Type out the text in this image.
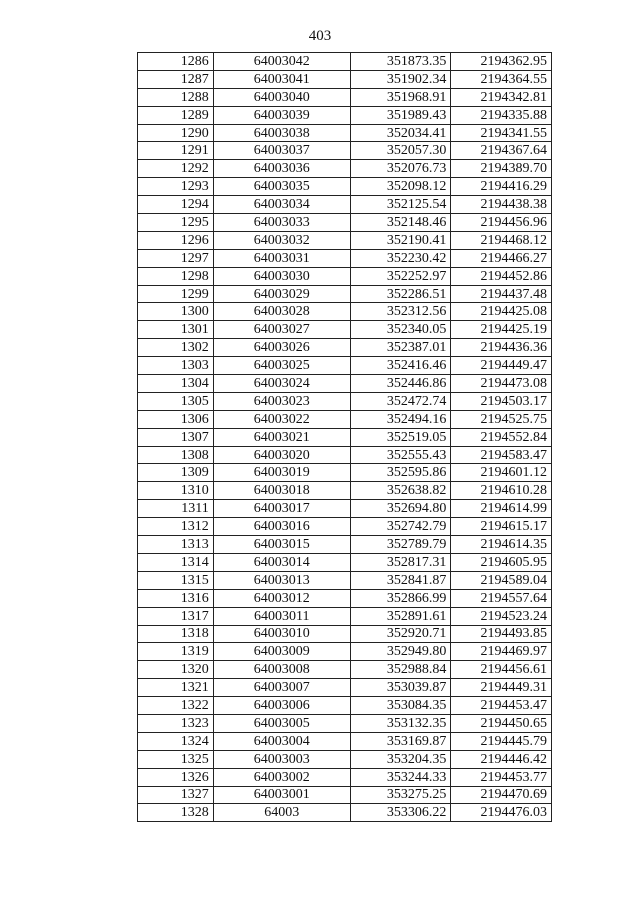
403
1286	64003042	351873.35	2194362.95
1287	64003041	351902.34	2194364.55
1288	64003040	351968.91	2194342.81
1289	64003039	351989.43	2194335.88
1290	64003038	352034.41	2194341.55
1291	64003037	352057.30	2194367.64
1292	64003036	352076.73	2194389.70
1293	64003035	352098.12	2194416.29
1294	64003034	352125.54	2194438.38
1295	64003033	352148.46	2194456.96
1296	64003032	352190.41	2194468.12
1297	64003031	352230.42	2194466.27
1298	64003030	352252.97	2194452.86
1299	64003029	352286.51	2194437.48
1300	64003028	352312.56	2194425.08
1301	64003027	352340.05	2194425.19
1302	64003026	352387.01	2194436.36
1303	64003025	352416.46	2194449.47
1304	64003024	352446.86	2194473.08
1305	64003023	352472.74	2194503.17
1306	64003022	352494.16	2194525.75
1307	64003021	352519.05	2194552.84
1308	64003020	352555.43	2194583.47
1309	64003019	352595.86	2194601.12
1310	64003018	352638.82	2194610.28
1311	64003017	352694.80	2194614.99
1312	64003016	352742.79	2194615.17
1313	64003015	352789.79	2194614.35
1314	64003014	352817.31	2194605.95
1315	64003013	352841.87	2194589.04
1316	64003012	352866.99	2194557.64
1317	64003011	352891.61	2194523.24
1318	64003010	352920.71	2194493.85
1319	64003009	352949.80	2194469.97
1320	64003008	352988.84	2194456.61
1321	64003007	353039.87	2194449.31
1322	64003006	353084.35	2194453.47
1323	64003005	353132.35	2194450.65
1324	64003004	353169.87	2194445.79
1325	64003003	353204.35	2194446.42
1326	64003002	353244.33	2194453.77
1327	64003001	353275.25	2194470.69
1328	64003	353306.22	2194476.03
